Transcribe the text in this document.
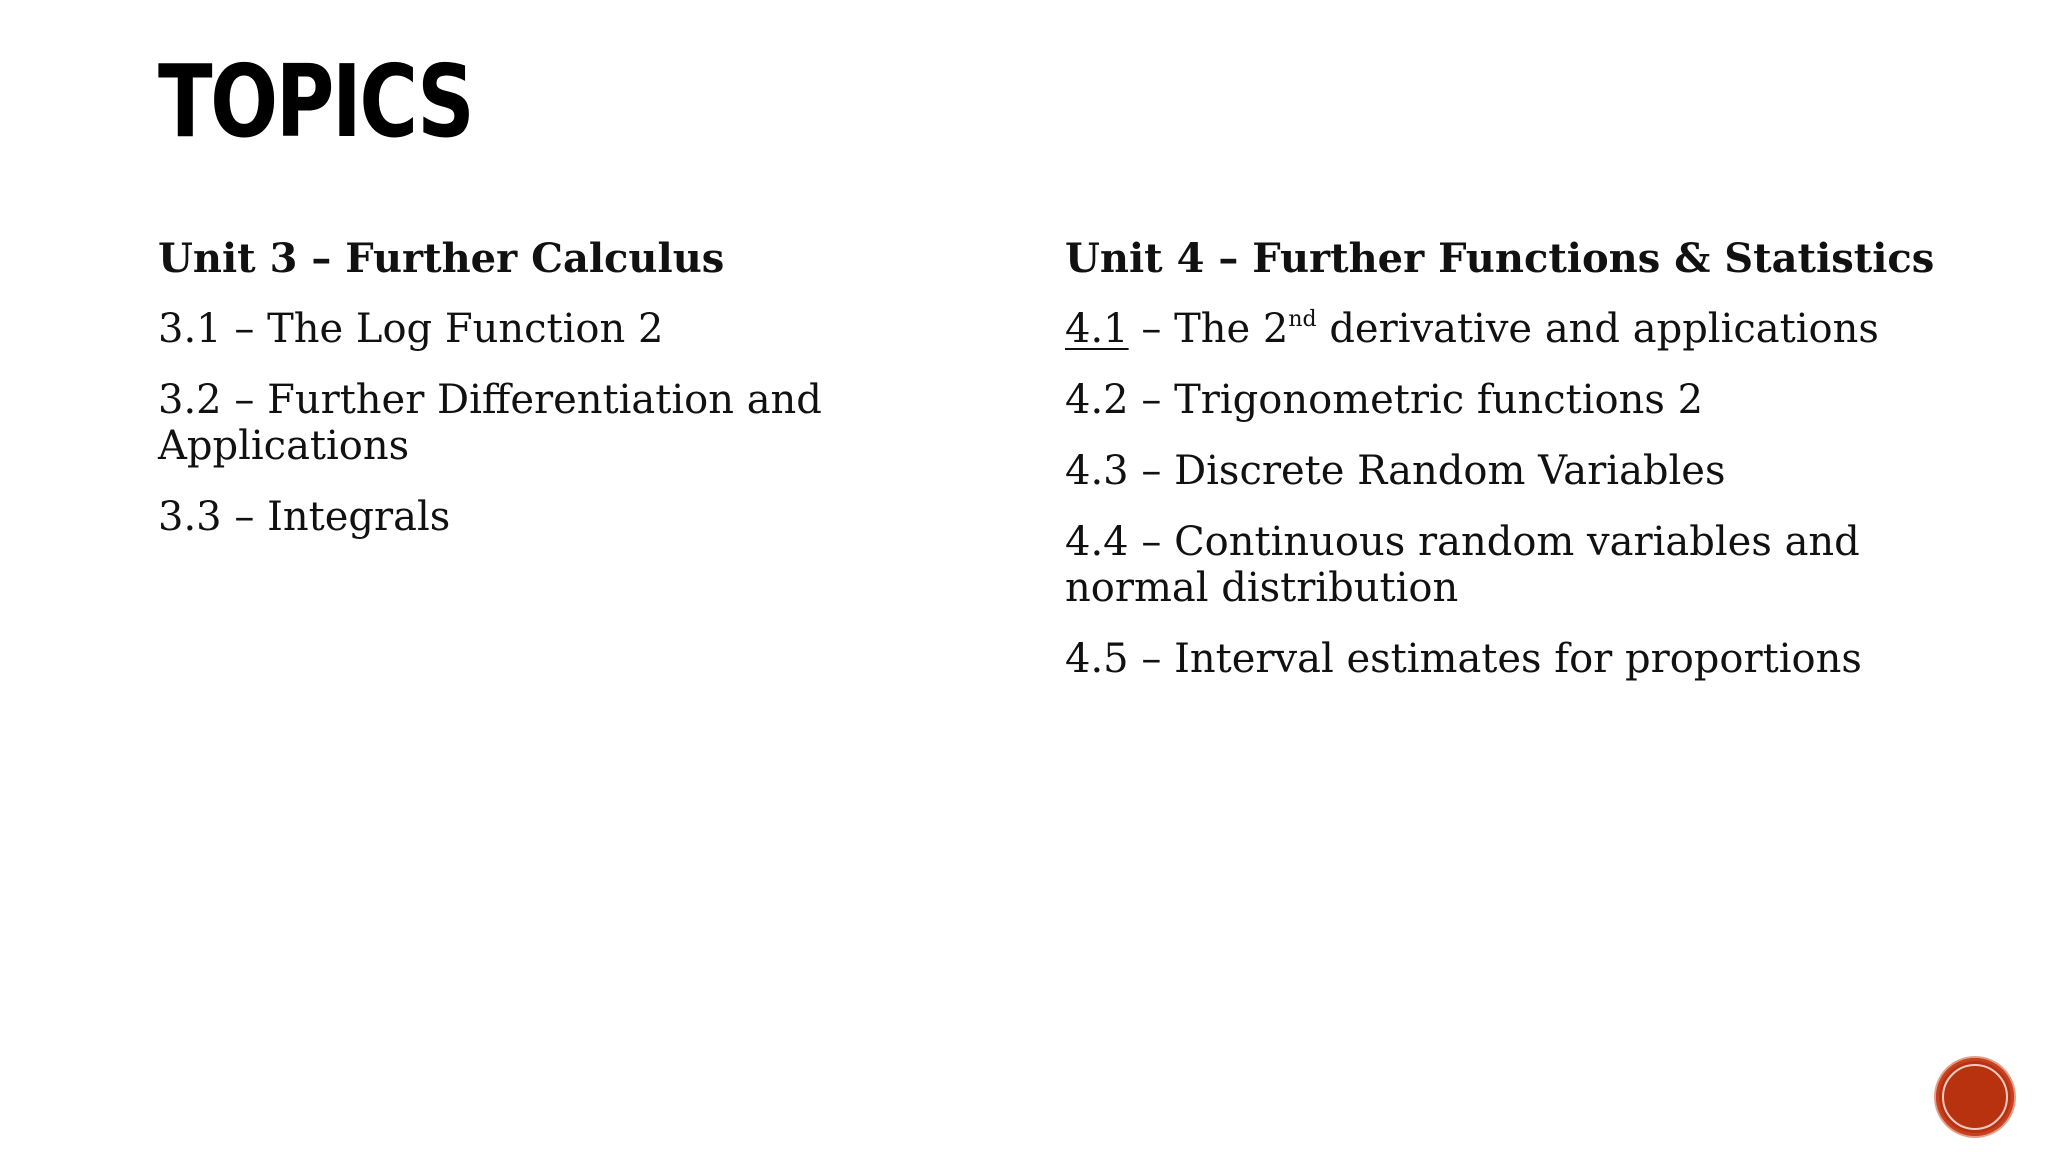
TOPICS
Unit 3 – Further Calculus
3.1 – The Log Function 2
3.2 – Further Differentiation and Applications
3.3 – Integrals
Unit 4 – Further Functions & Statistics
4.1 – The 2nd derivative and applications
4.2 – Trigonometric functions 2
4.3 – Discrete Random Variables
4.4 – Continuous random variables and normal distribution
4.5 – Interval estimates for proportions
